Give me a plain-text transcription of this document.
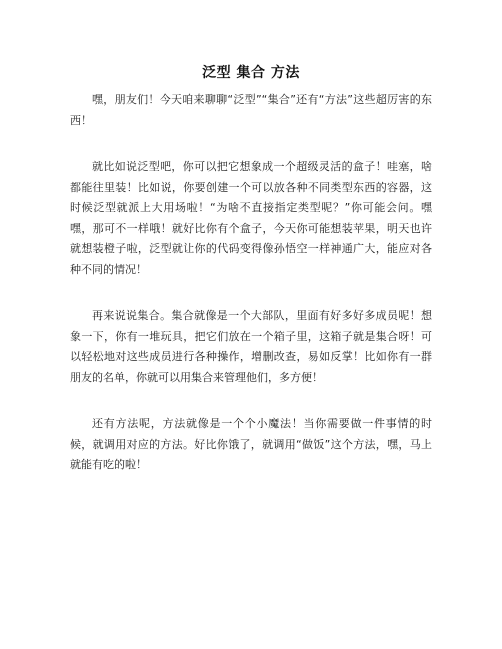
泛型 集合 方法

嘿，朋友们！今天咱来聊聊“泛型”“集合”还有“方法”这些超厉害的东西！

就比如说泛型吧，你可以把它想象成一个超级灵活的盒子！哇塞，啥都能往里装！比如说，你要创建一个可以放各种不同类型东西的容器，这时候泛型就派上大用场啦！“为啥不直接指定类型呢？”你可能会问。嘿嘿，那可不一样哦！就好比你有个盒子，今天你可能想装苹果，明天也许就想装橙子啦，泛型就让你的代码变得像孙悟空一样神通广大，能应对各种不同的情况！

再来说说集合。集合就像是一个大部队，里面有好多好多成员呢！想象一下，你有一堆玩具，把它们放在一个箱子里，这箱子就是集合呀！可以轻松地对这些成员进行各种操作，增删改查，易如反掌！比如你有一群朋友的名单，你就可以用集合来管理他们，多方便！

还有方法呢，方法就像是一个个小魔法！当你需要做一件事情的时候，就调用对应的方法。好比你饿了，就调用“做饭”这个方法，嘿，马上就能有吃的啦！
